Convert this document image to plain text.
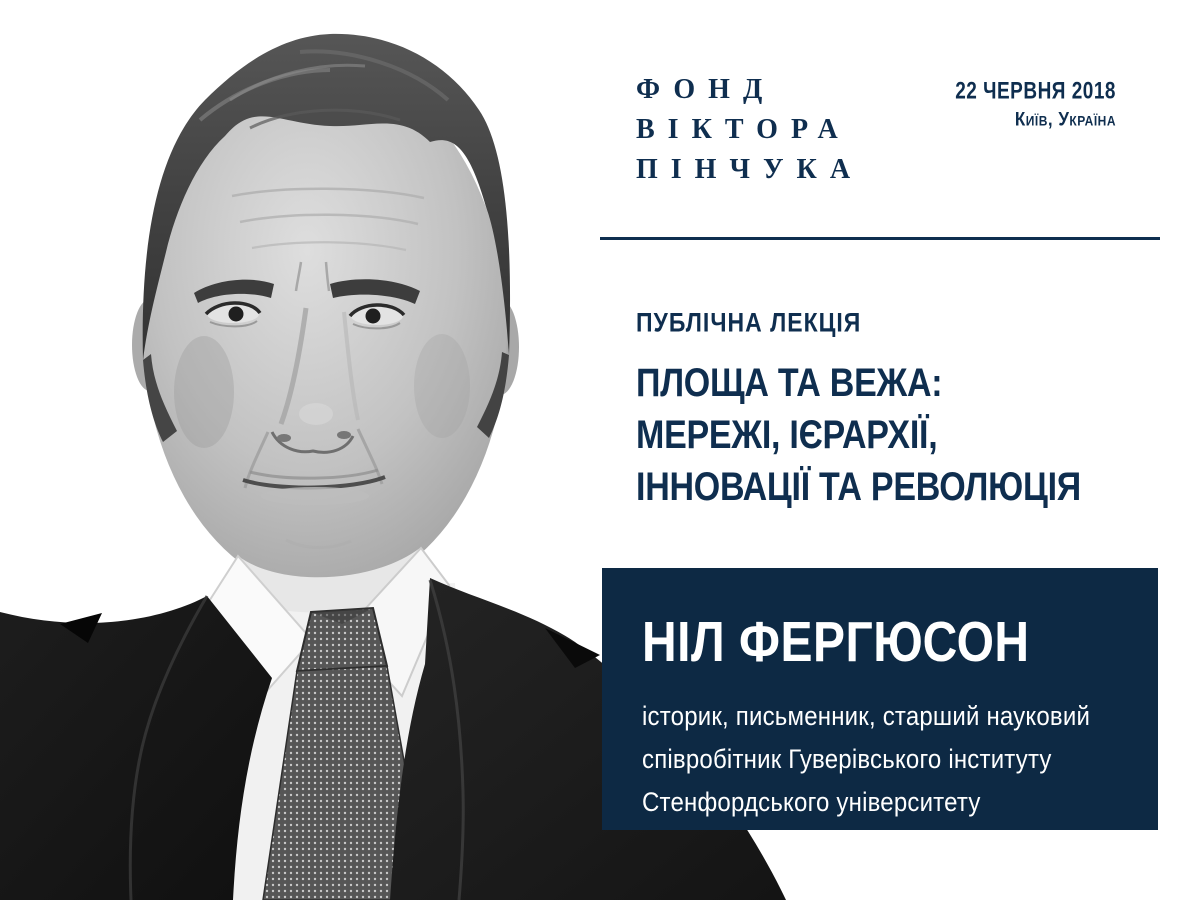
ФОНД
ВІКТОРА
ПІНЧУКА
22 ЧЕРВНЯ 2018
Київ, Україна
ПУБЛІЧНА ЛЕКЦІЯ
ПЛОЩА ТА ВЕЖА:
МЕРЕЖІ, ІЄРАРХІЇ,
ІННОВАЦІЇ ТА РЕВОЛЮЦІЯ
НІЛ ФЕРГЮСОН
історик, письменник, старший науковий
співробітник Гуверівського інституту
Стенфордського університету
